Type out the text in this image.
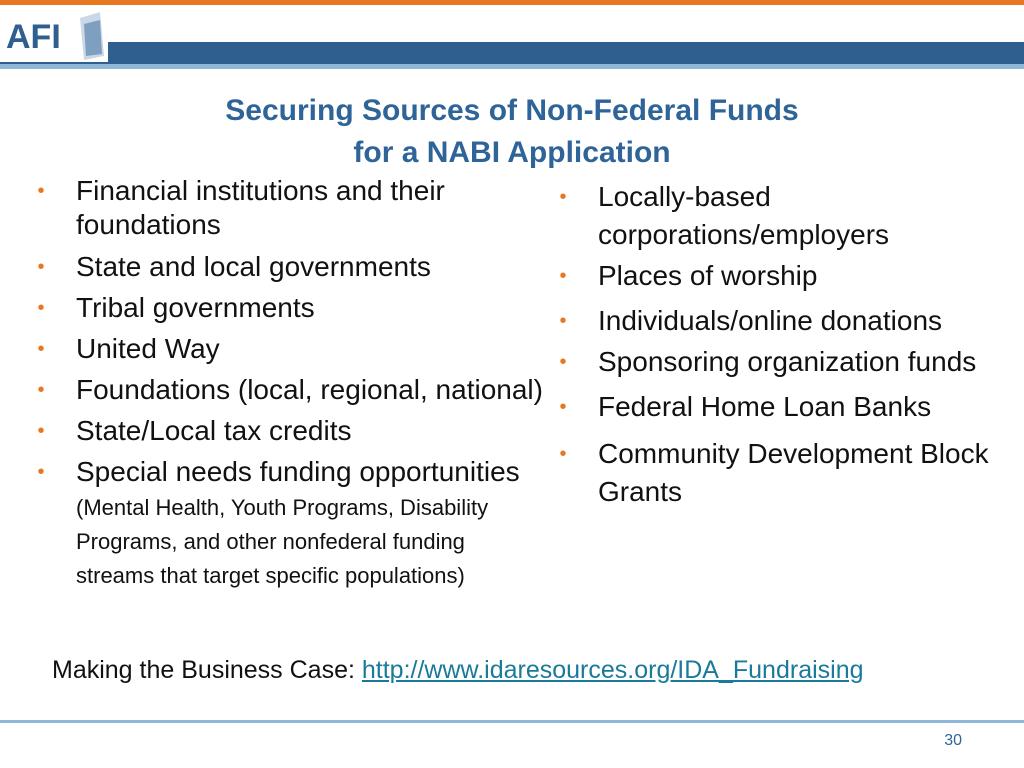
AFI
Securing Sources of Non-Federal Funds
for a NABI Application
• Financial institutions and their foundations
• State and local governments
• Tribal governments
• United Way
• Foundations (local, regional, national)
• State/Local tax credits
• Special needs funding opportunities (Mental Health, Youth Programs, Disability Programs, and other nonfederal funding streams that target specific populations)
• Locally-based corporations/employers
• Places of worship
• Individuals/online donations
• Sponsoring organization funds
• Federal Home Loan Banks
• Community Development Block Grants
Making the Business Case: http://www.idaresources.org/IDA_Fundraising
30
